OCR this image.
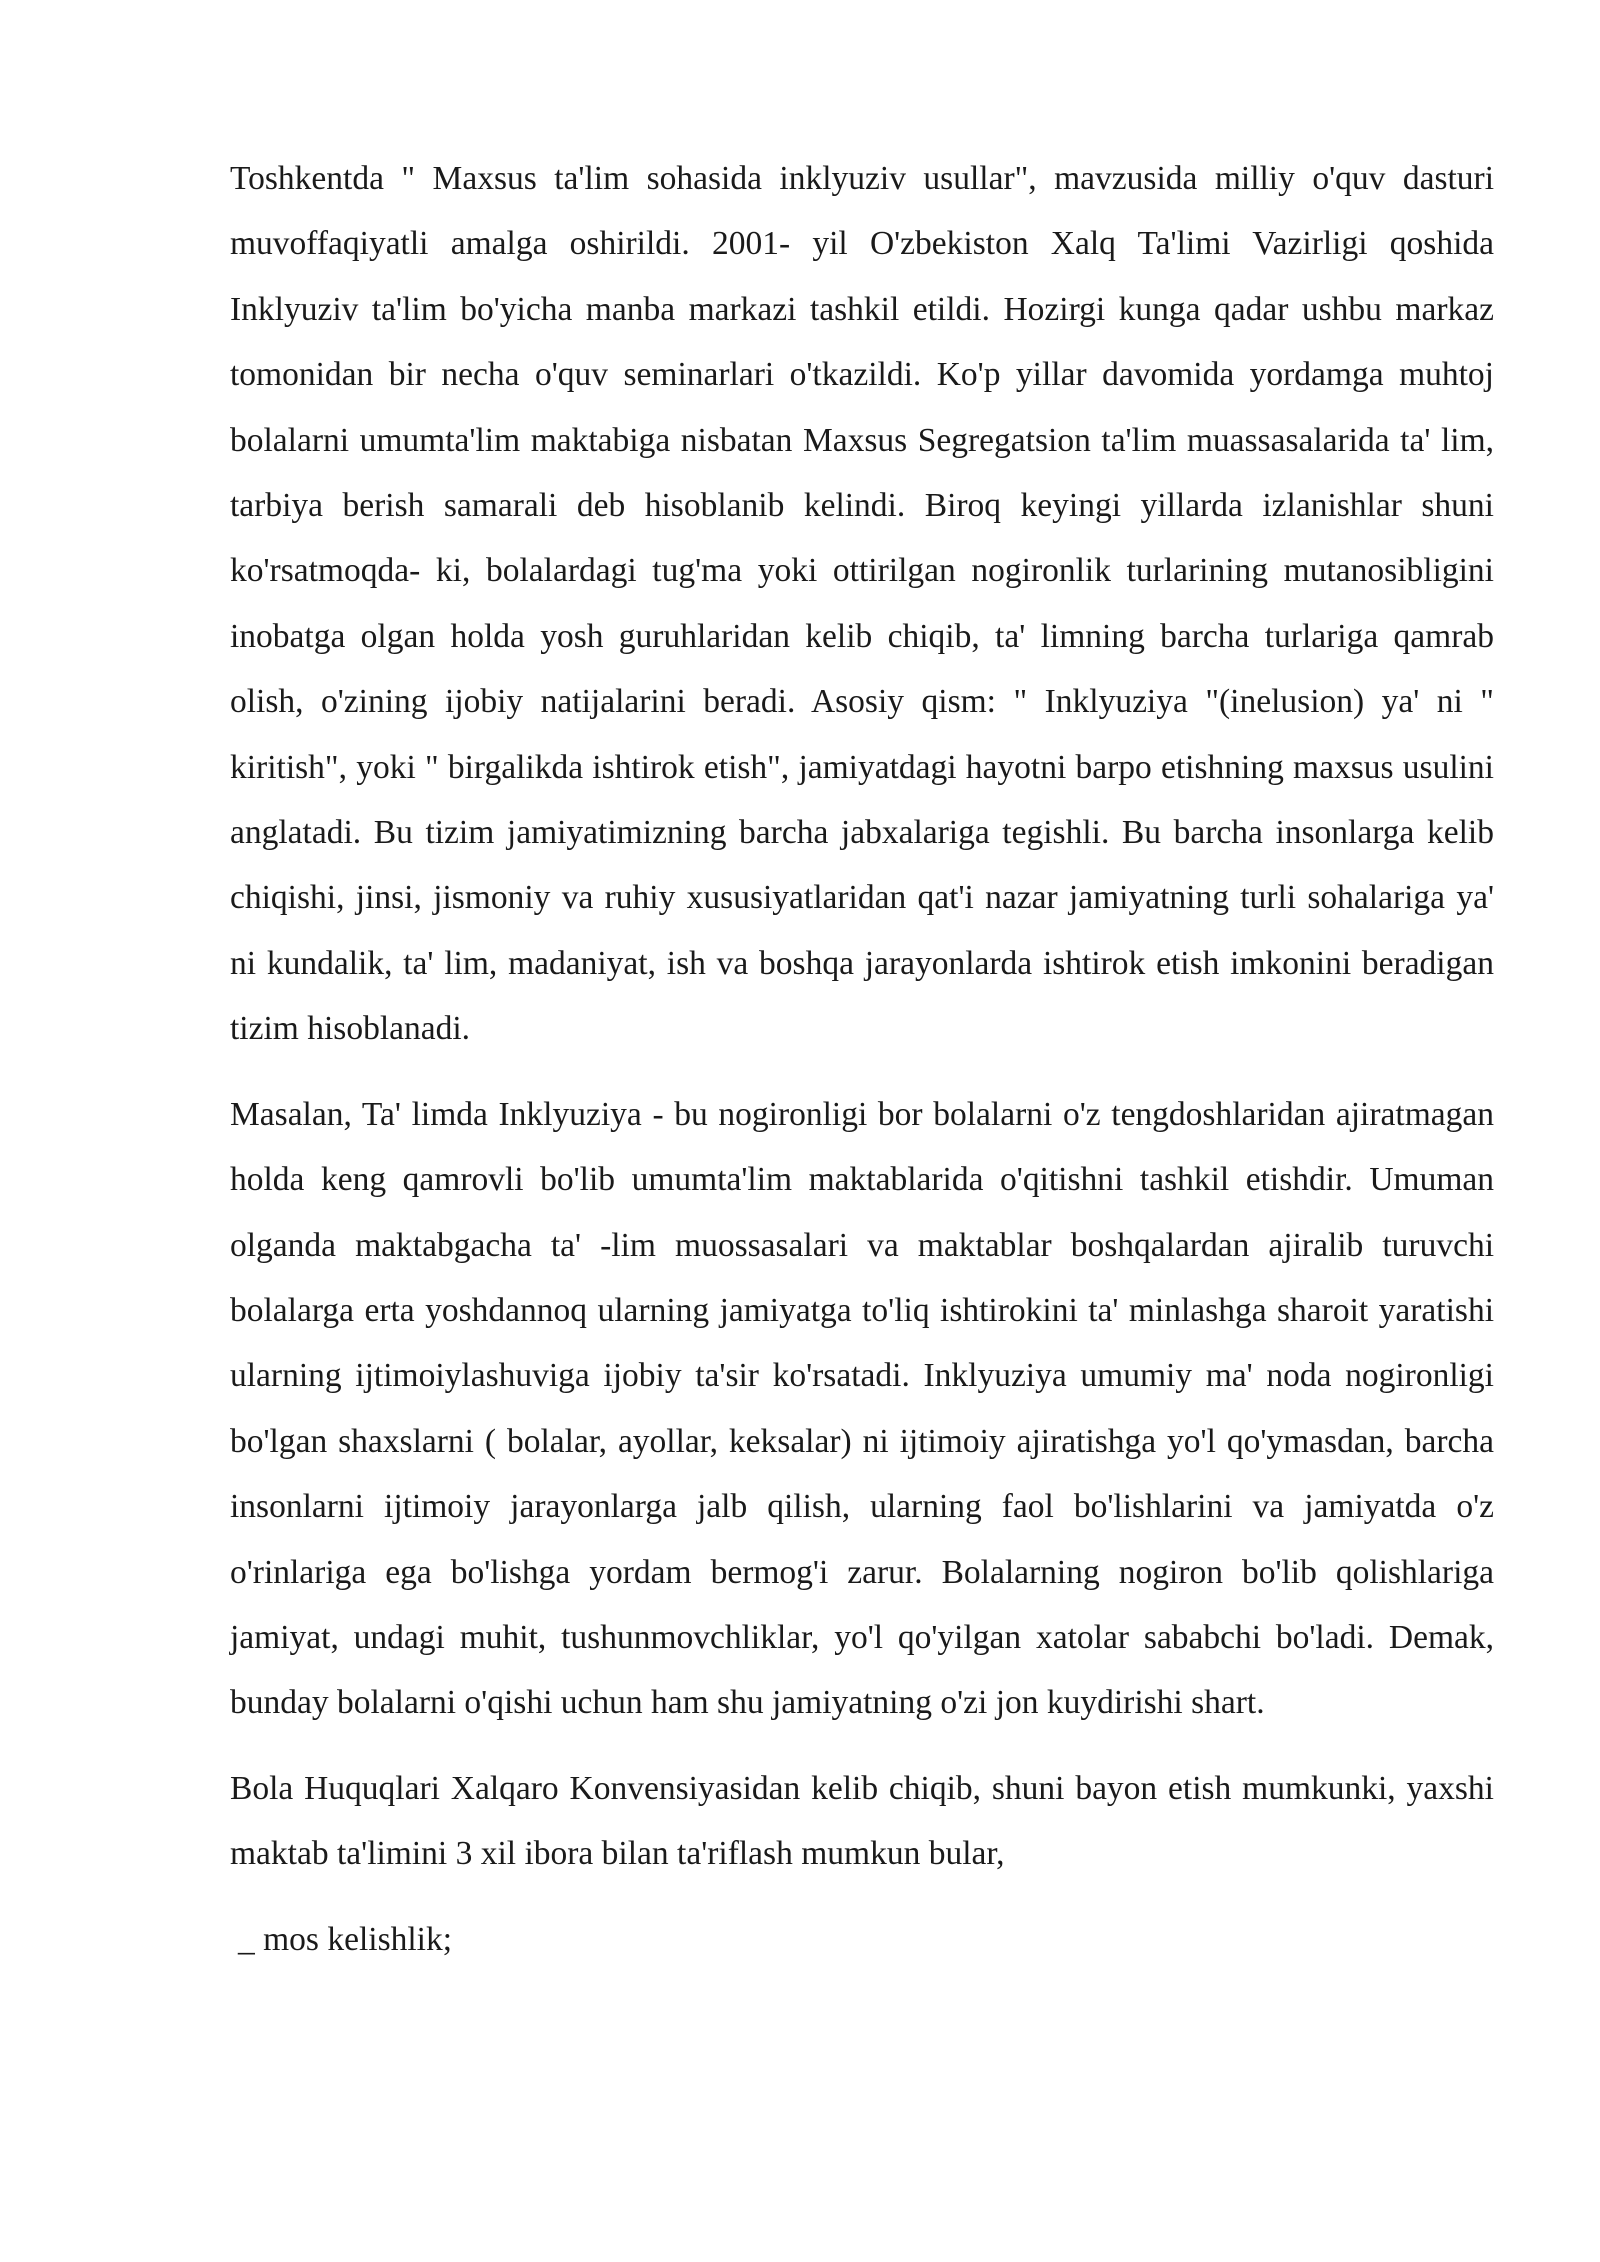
Toshkentda " Maxsus ta'lim sohasida inklyuziv usullar", mavzusida milliy o'quv dasturi muvoffaqiyatli amalga oshirildi. 2001- yil O'zbekiston Xalq Ta'limi Vazirligi qoshida Inklyuziv ta'lim bo'yicha manba markazi tashkil etildi. Hozirgi kunga qadar ushbu markaz tomonidan bir necha o'quv seminarlari o'tkazildi. Ko'p yillar davomida yordamga muhtoj bolalarni umumta'lim maktabiga nisbatan Maxsus Segregatsion ta'lim muassasalarida ta' lim, tarbiya berish samarali deb hisoblanib kelindi. Biroq keyingi yillarda izlanishlar shuni ko'rsatmoqda- ki, bolalardagi tug'ma yoki ottirilgan nogironlik turlarining mutanosibligini inobatga olgan holda yosh guruhlaridan kelib chiqib, ta' limning barcha turlariga qamrab olish, o'zining ijobiy natijalarini beradi. Asosiy qism: " Inklyuziya "(inelusion) ya' ni " kiritish", yoki " birgalikda ishtirok etish", jamiyatdagi hayotni barpo etishning maxsus usulini anglatadi. Bu tizim jamiyatimizning barcha jabxalariga tegishli. Bu barcha insonlarga kelib chiqishi, jinsi, jismoniy va ruhiy xususiyatlaridan qat'i nazar jamiyatning turli sohalariga ya' ni kundalik, ta' lim, madaniyat, ish va boshqa jarayonlarda ishtirok etish imkonini beradigan tizim hisoblanadi.

Masalan, Ta' limda Inklyuziya - bu nogironligi bor bolalarni o'z tengdoshlaridan ajiratmagan holda keng qamrovli bo'lib umumta'lim maktablarida o'qitishni tashkil etishdir. Umuman olganda maktabgacha ta' -lim muossasalari va maktablar boshqalardan ajiralib turuvchi bolalarga erta yoshdannoq ularning jamiyatga to'liq ishtirokini ta' minlashga sharoit yaratishi ularning ijtimoiylashuviga ijobiy ta'sir ko'rsatadi. Inklyuziya umumiy ma' noda nogironligi bo'lgan shaxslarni ( bolalar, ayollar, keksalar) ni ijtimoiy ajiratishga yo'l qo'ymasdan, barcha insonlarni ijtimoiy jarayonlarga jalb qilish, ularning faol bo'lishlarini va jamiyatda o'z o'rinlariga ega bo'lishga yordam bermog'i zarur. Bolalarning nogiron bo'lib qolishlariga jamiyat, undagi muhit, tushunmovchliklar, yo'l qo'yilgan xatolar sababchi bo'ladi. Demak, bunday bolalarni o'qishi uchun ham shu jamiyatning o'zi jon kuydirishi shart.

Bola Huquqlari Xalqaro Konvensiyasidan kelib chiqib, shuni bayon etish mumkunki, yaxshi maktab ta'limini 3 xil ibora bilan ta'riflash mumkun bular,

_ mos kelishlik;
